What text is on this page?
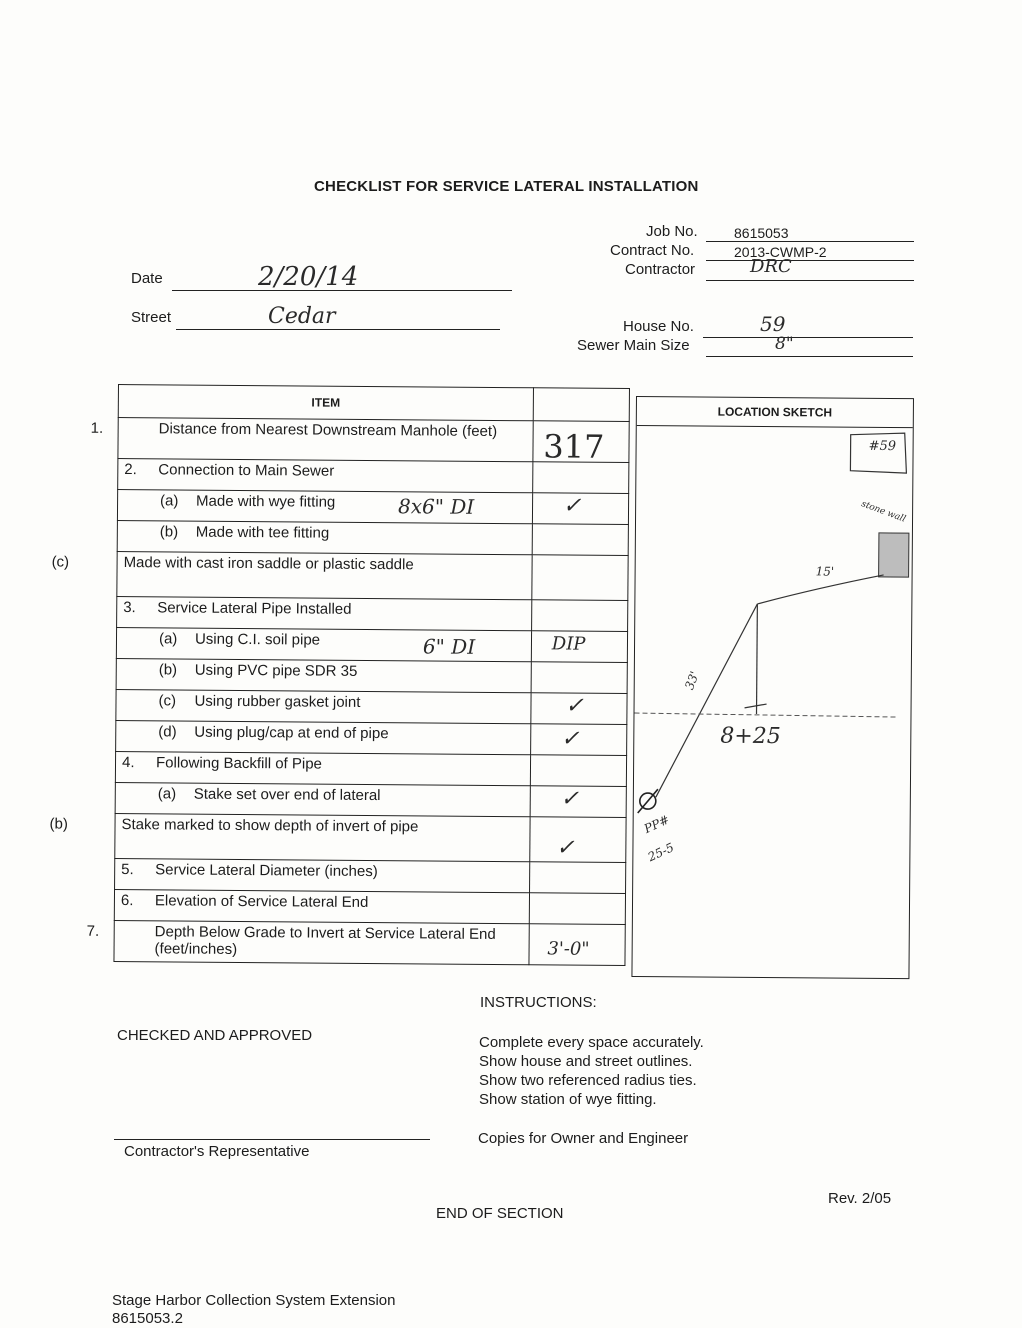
CHECKLIST FOR SERVICE LATERAL INSTALLATION
Job No.	8615053
Contract No.	2013-CWMP-2
Contractor	DRC
House No.	59
Sewer Main Size	8"
Date	2/20/14
Street	Cedar
ITEM	
1. Distance from Nearest Downstream Manhole (feet)	317

2. Connection to Main Sewer	
(a) Made with wye fitting 8x6" DI	✓

(b) Made with tee fitting	
(c) Made with cast iron saddle or plastic saddle	
3. Service Lateral Pipe Installed	
(a) Using C.I. soil pipe 6" DI	DIP

(b) Using PVC pipe SDR 35	
(c) Using rubber gasket joint	✓

(d) Using plug/cap at end of pipe	✓

4. Following Backfill of Pipe	
(a) Stake set over end of lateral	✓

(b) Stake marked to show depth of invert of pipe	✓

5. Service Lateral Diameter (inches)	
6. Elevation of Service Lateral End	
7. Depth Below Grade to Invert at Service Lateral End (feet/inches)	3'-0"
LOCATION SKETCH
#59
stone wall
15'
33'
8+25
PP#
25-5
INSTRUCTIONS:
Complete every space accurately.
Show house and street outlines.
Show two referenced radius ties.
Show station of wye fitting.
Copies for Owner and Engineer
CHECKED AND APPROVED
Contractor's Representative
Rev. 2/05
END OF SECTION
Stage Harbor Collection System Extension
8615053.2
